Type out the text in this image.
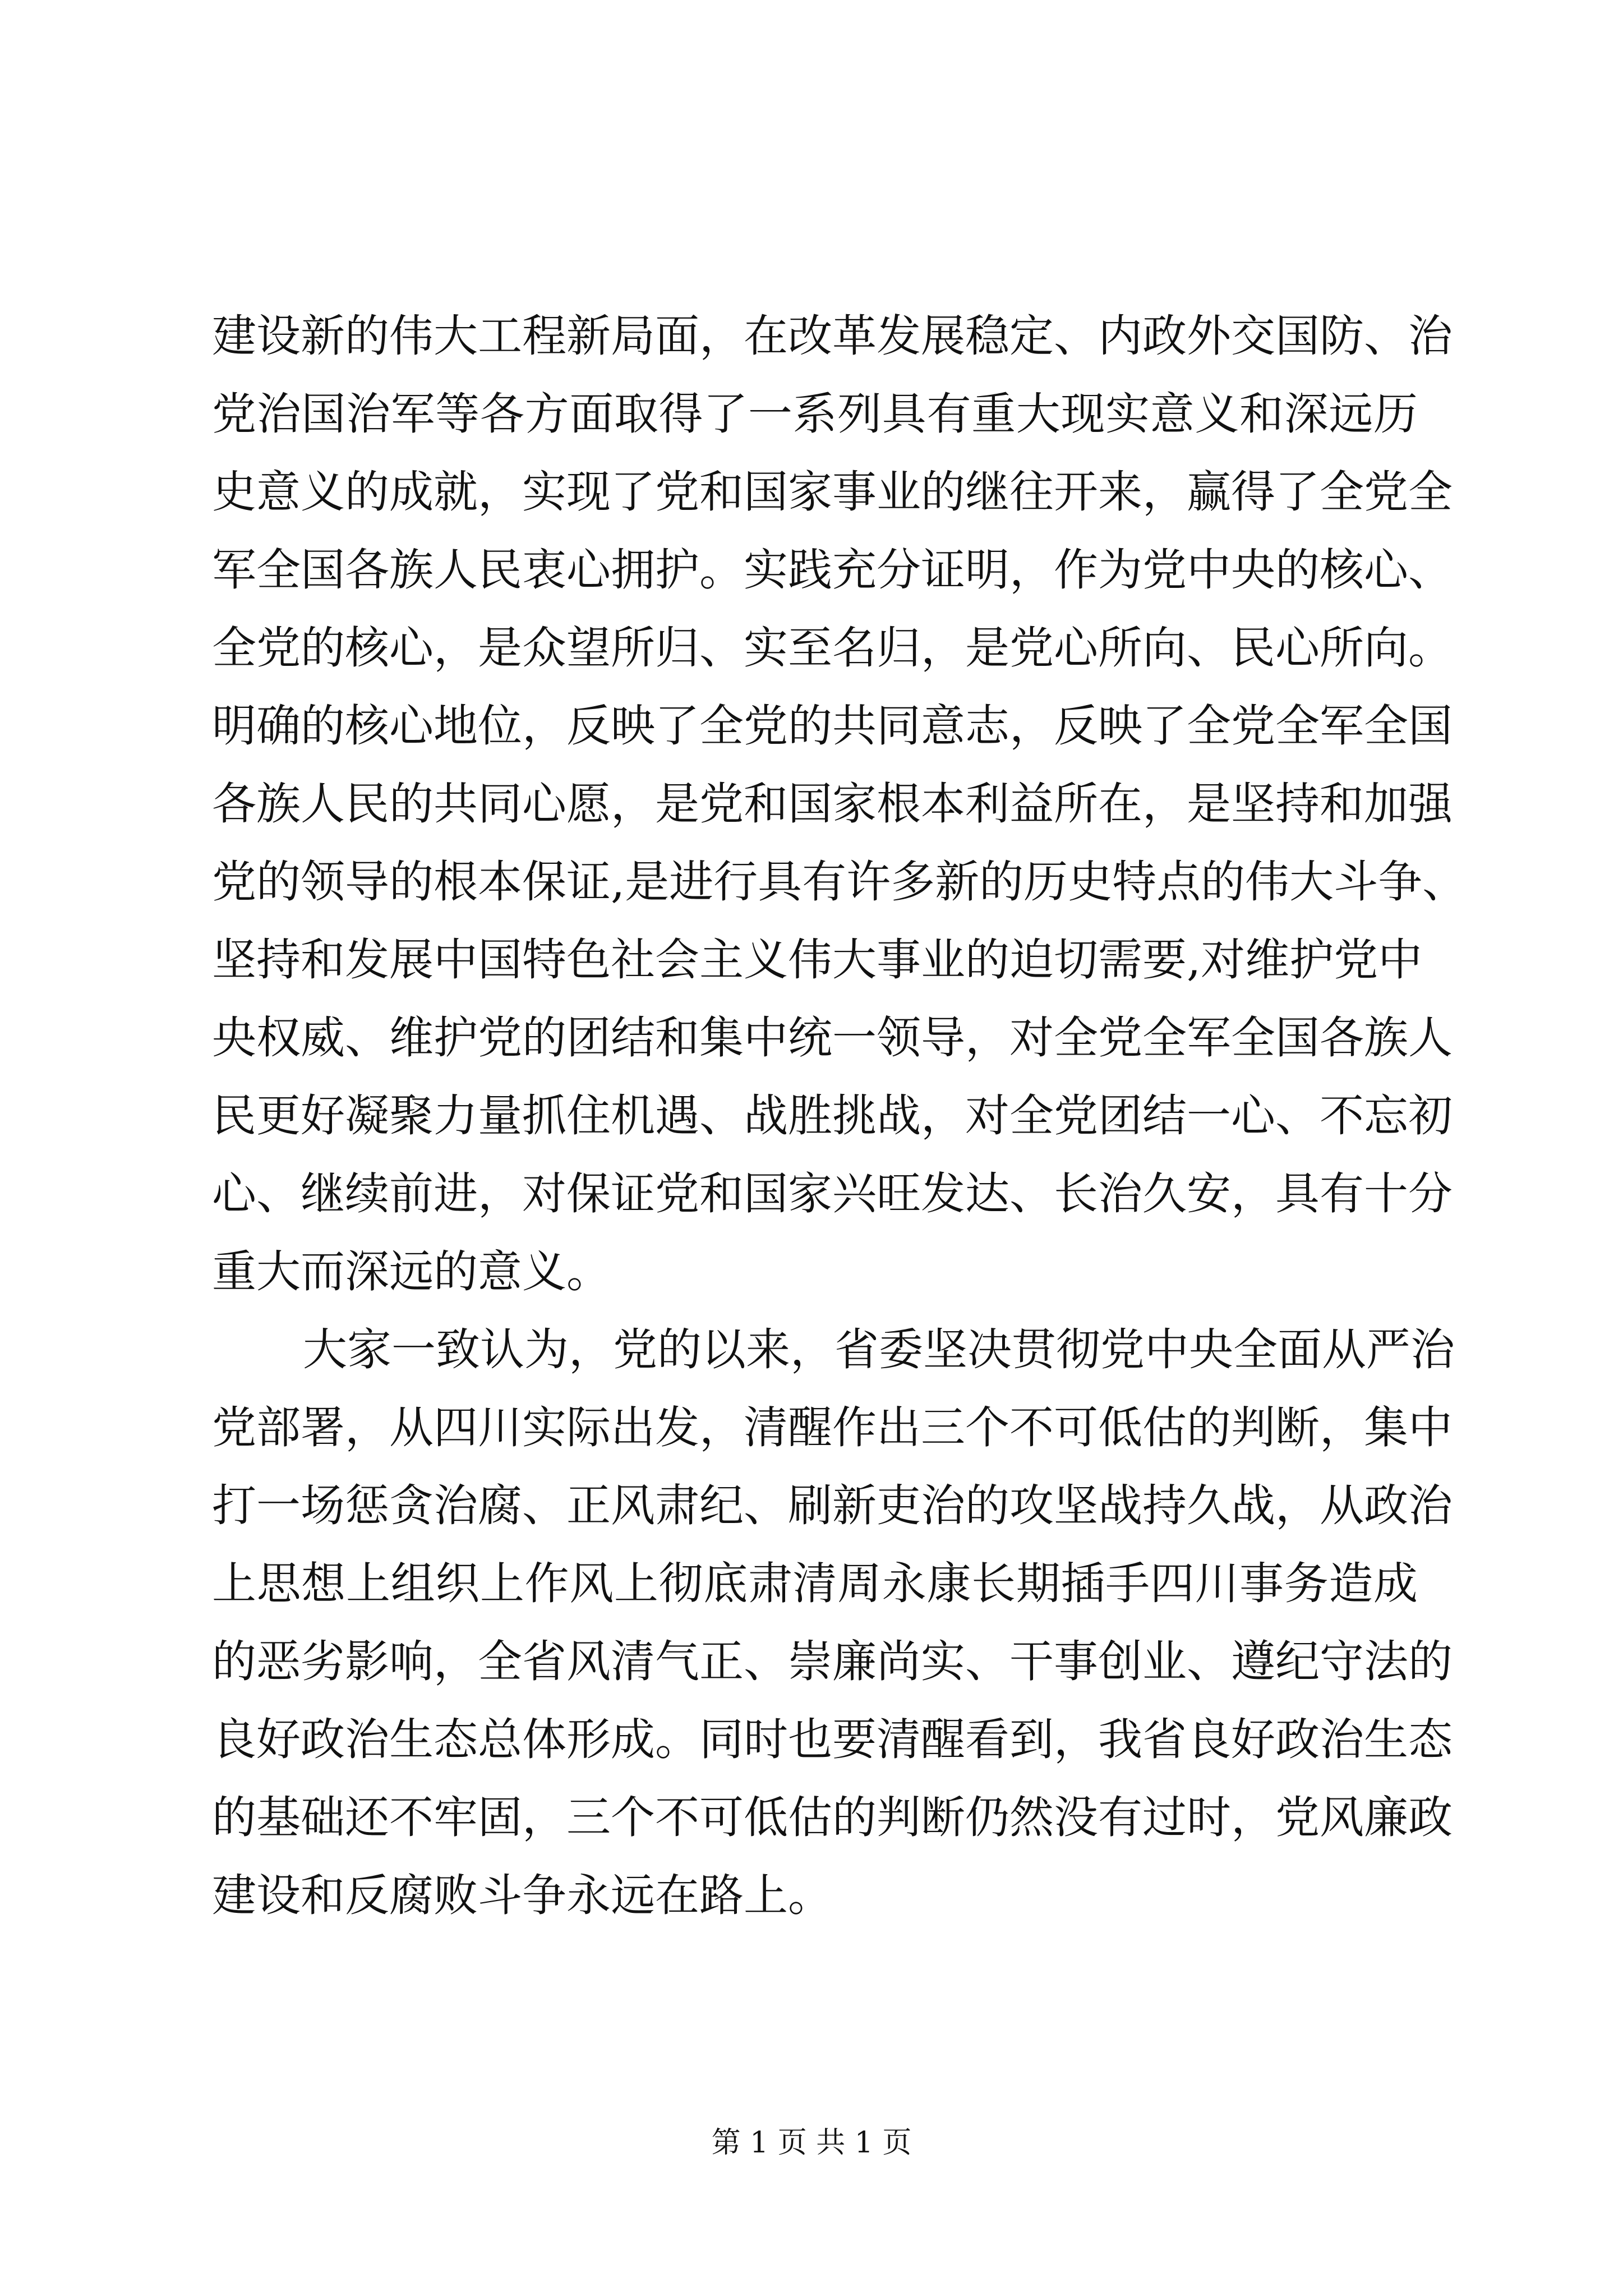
建设新的伟大工程新局面，在改革发展稳定、内政外交国防、治
党治国治军等各方面取得了一系列具有重大现实意义和深远历
史意义的成就，实现了党和国家事业的继往开来，赢得了全党全
军全国各族人民衷心拥护。实践充分证明，作为党中央的核心、
全党的核心，是众望所归、实至名归，是党心所向、民心所向。
明确的核心地位，反映了全党的共同意志，反映了全党全军全国
各族人民的共同心愿，是党和国家根本利益所在，是坚持和加强
党的领导的根本保证,是进行具有许多新的历史特点的伟大斗争、
坚持和发展中国特色社会主义伟大事业的迫切需要,对维护党中
央权威、维护党的团结和集中统一领导，对全党全军全国各族人
民更好凝聚力量抓住机遇、战胜挑战，对全党团结一心、不忘初
心、继续前进，对保证党和国家兴旺发达、长治久安，具有十分
重大而深远的意义。
大家一致认为，党的以来，省委坚决贯彻党中央全面从严治
党部署，从四川实际出发，清醒作出三个不可低估的判断，集中
打一场惩贪治腐、正风肃纪、刷新吏治的攻坚战持久战，从政治
上思想上组织上作风上彻底肃清周永康长期插手四川事务造成
的恶劣影响，全省风清气正、崇廉尚实、干事创业、遵纪守法的
良好政治生态总体形成。同时也要清醒看到，我省良好政治生态
的基础还不牢固，三个不可低估的判断仍然没有过时，党风廉政
建设和反腐败斗争永远在路上。
第 1 页 共 1 页
